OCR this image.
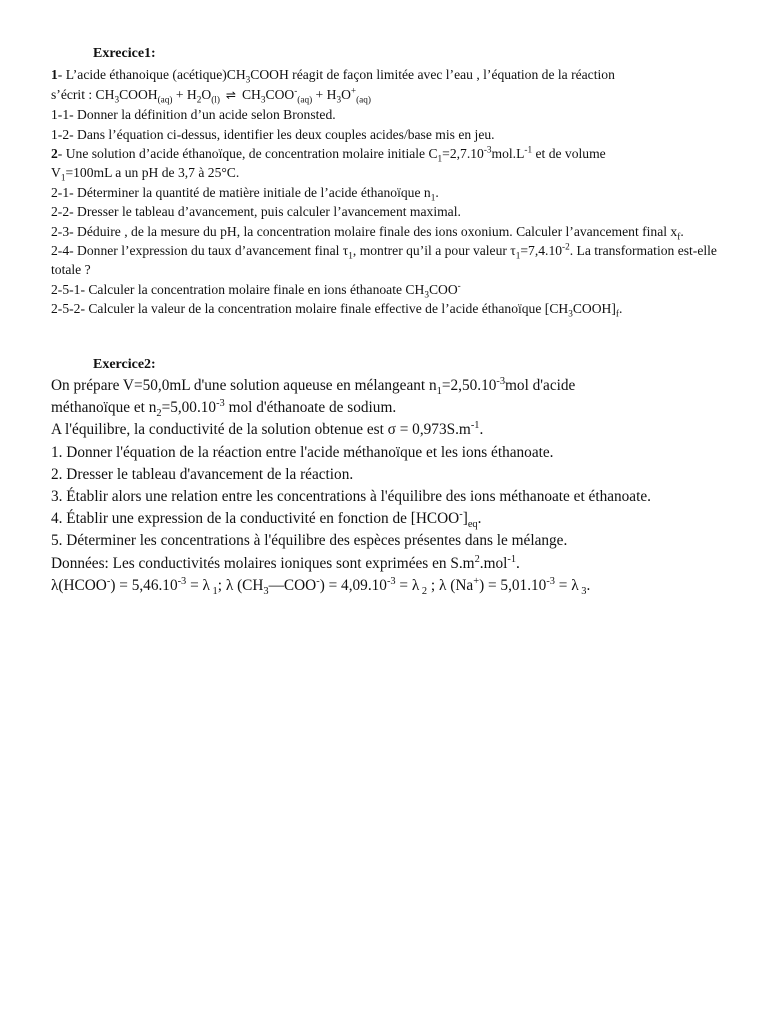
Exrecice1:
1- L’acide éthanoique $(acétique)CH_3COOH$ réagit de façon limitée avec l’eau , l’équation de la réaction
s’écrit : $CH_3COOH_{(aq)} + H_2O_{(l)}$ ⇌ $CH_3COO^-_{(aq)} + H_3O^+_{(aq)}$
1-1- Donner la définition d’un acide selon Bronsted.
1-2- Dans l’équation ci-dessus, identifier les deux couples acides/base mis en jeu.
2- Une solution d’acide éthanoïque, de concentration molaire initiale $C_1=2,7.10^{-3}mol.L^{-1}$ et de volume
$V_1=100mL$ a un pH de 3,7 à 25°C.
2-1- Déterminer la quantité de matière initiale de l’acide éthanoïque $n_1$.
2-2- Dresser le tableau d’avancement, puis calculer l’avancement maximal.
2-3- Déduire , de la mesure du pH, la concentration molaire finale des ions oxonium. Calculer l’avancement final $x_f$.
2-4- Donner l’expression du taux d’avancement final $\tau_1$, montrer qu’il a pour valeur $\tau_1=7,4.10^{-2}$. La transformation est-elle totale ?
2-5-1- Calculer la concentration molaire finale en ions éthanoate $CH_3COO^-$
2-5-2- Calculer la valeur de la concentration molaire finale effective de l’acide éthanoïque $[CH_3COOH]_f$.
Exercice2:
On prépare V=50,0mL d'une solution aqueuse en mélangeant $n_1=2,50.10^{-3}mol$ d'acide
méthanoïque et $n_2=5,00.10^{-3}$ mol d'éthanoate de sodium.
A l'équilibre, la conductivité de la solution obtenue est $\sigma = 0,973S.m^{-1}$.
1. Donner l'équation de la réaction entre l'acide méthanoïque et les ions éthanoate.
2. Dresser le tableau d'avancement de la réaction.
3. Établir alors une relation entre les concentrations à l'équilibre des ions méthanoate et éthanoate.
4. Établir une expression de la conductivité en fonction de $[HCOO^-]_{eq}$.
5. Déterminer les concentrations à l'équilibre des espèces présentes dans le mélange.
Données: Les conductivités molaires ioniques sont exprimées en $S.m^2.mol^{-1}$.
λ(HCOO-) = $5,46.10^{-3} = \lambda$ $_1$; λ $(CH_3—COO^-) = 4,09.10^{-3} = \lambda$ $_2$ ; λ $(Na^+) = 5,01.10^{-3} = \lambda$ $_3$.
